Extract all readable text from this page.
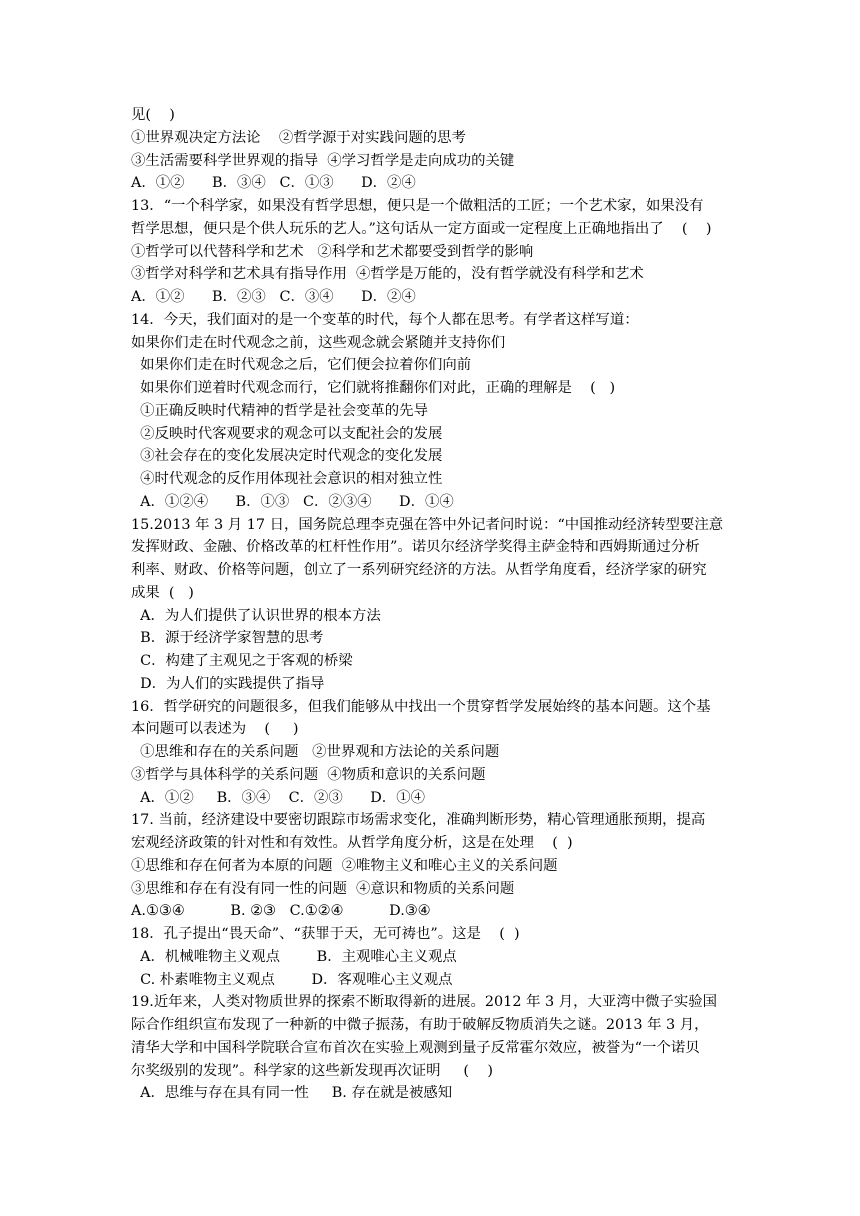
见(    )
①世界观决定方法论    ②哲学源于对实践问题的思考
③生活需要科学世界观的指导  ④学习哲学是走向成功的关键
A．①②      B．③④   C．①③      D．②④
13．“一个科学家，如果没有哲学思想，便只是一个做粗活的工匠；一个艺术家，如果没有
哲学思想，便只是个供人玩乐的艺人。”这句话从一定方面或一定程度上正确地指出了    (    )
①哲学可以代替科学和艺术   ②科学和艺术都要受到哲学的影响
③哲学对科学和艺术具有指导作用  ④哲学是万能的，没有哲学就没有科学和艺术
A．①②      B．②③   C．③④      D．②④
14．今天，我们面对的是一个变革的时代，每个人都在思考。有学者这样写道：
如果你们走在时代观念之前，这些观念就会紧随并支持你们
如果你们走在时代观念之后，它们便会拉着你们向前
如果你们逆着时代观念而行，它们就将推翻你们对此，正确的理解是    (   )
①正确反映时代精神的哲学是社会变革的先导
②反映时代客观要求的观念可以支配社会的发展
③社会存在的变化发展决定时代观念的变化发展
④时代观念的反作用体现社会意识的相对独立性
A．①②④      B．①③   C．②③④      D．①④
15.2013 年 3 月 17 日，国务院总理李克强在答中外记者问时说：“中国推动经济转型要注意
发挥财政、金融、价格改革的杠杆性作用”。诺贝尔经济学奖得主萨金特和西姆斯通过分析
利率、财政、价格等问题，创立了一系列研究经济的方法。从哲学角度看，经济学家的研究
成果  (   )
A．为人们提供了认识世界的根本方法
B．源于经济学家智慧的思考
C．构建了主观见之于客观的桥梁
D．为人们的实践提供了指导
16．哲学研究的问题很多，但我们能够从中找出一个贯穿哲学发展始终的基本问题。这个基
本问题可以表述为    (     )
①思维和存在的关系问题   ②世界观和方法论的关系问题
③哲学与具体科学的关系问题  ④物质和意识的关系问题
A．①②     B．③④    C．②③      D．①④
17. 当前，经济建设中要密切跟踪市场需求变化，准确判断形势，精心管理通胀预期，提高
宏观经济政策的针对性和有效性。从哲学角度分析，这是在处理    (  )
①思维和存在何者为本原的问题  ②唯物主义和唯心主义的关系问题
③思维和存在有没有同一性的问题  ④意识和物质的关系问题
A.①③④          B. ②③   C.①②④          D.③④
18．孔子提出“畏天命”、“获罪于天，无可祷也”。这是    (  )
A．机械唯物主义观点        B．主观唯心主义观点
C. 朴素唯物主义观点        D．客观唯心主义观点
19.近年来，人类对物质世界的探索不断取得新的进展。2012 年 3 月，大亚湾中微子实验国
际合作组织宣布发现了一种新的中微子振荡，有助于破解反物质消失之谜。2013 年 3 月，
清华大学和中国科学院联合宣布首次在实验上观测到量子反常霍尔效应，被誉为“一个诺贝
尔奖级别的发现”。科学家的这些新发现再次证明     (    )
A．思维与存在具有同一性     B. 存在就是被感知
